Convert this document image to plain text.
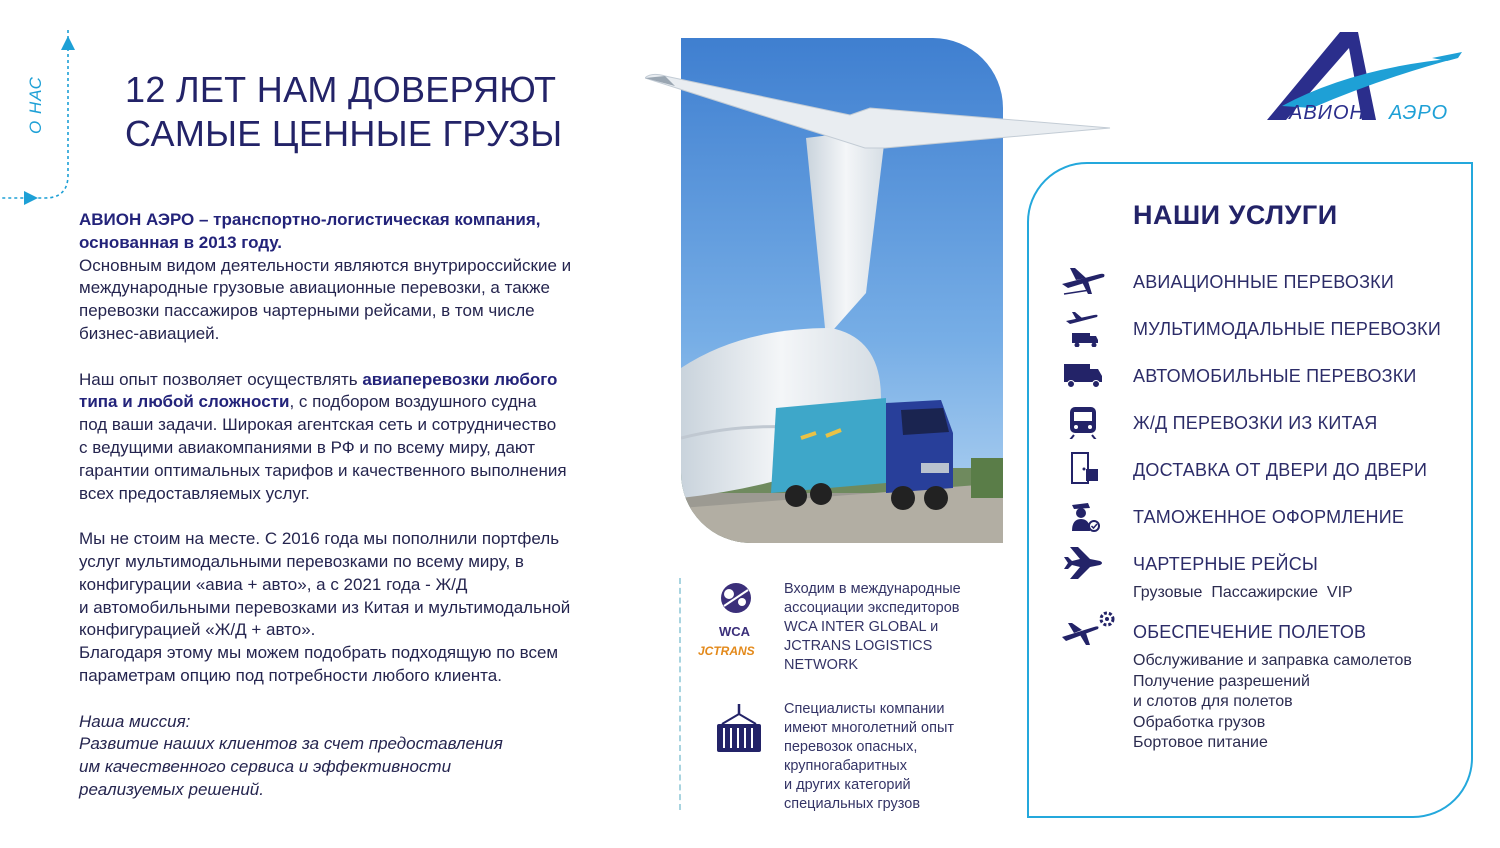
О НАС	12 ЛЕТ НАМ ДОВЕРЯЮТ
САМЫЕ ЦЕННЫЕ ГРУЗЫ

АВИОН АЭРО – транспортно-логистическая компания,

основанная в 2013 году.

Основным видом деятельности являются внутрироссийские и

международные грузовые авиационные перевозки, а также

перевозки пассажиров чартерными рейсами, в том числе

бизнес-авиацией.

Наш опыт позволяет осуществлять авиаперевозки любого

типа и любой сложности, с подбором воздушного судна

под ваши задачи. Широкая агентская сеть и сотрудничество

с ведущими авиакомпаниями в РФ и по всему миру, дают

гарантии оптимальных тарифов и качественного выполнения

всех предоставляемых услуг.

Мы не стоим на месте. С 2016 года мы пополнили портфель

услуг мультимодальными перевозками по всему миру, в

конфигурации «авиа + авто», а с 2021 года - Ж/Д

и автомобильными перевозками из Китая и мультимодальной

конфигурацией «Ж/Д + авто».

Благодаря этому мы можем подобрать подходящую по всем

параметрам опцию под потребности любого клиента.

Наша миссия:

Развитие наших клиентов за счет предоставления

им качественного сервиса и эффективности

реализуемых решений.

WCA
JCTRANS
Входим в международные
ассоциации экспедиторов
WCA INTER GLOBAL и
JCTRANS LOGISTICS
NETWORK
Специалисты компании
имеют многолетний опыт
перевозок опасных,
крупногабаритных
и других категорий
специальных грузов
АВИОН АЭРО
НАШИ УСЛУГИ
АВИАЦИОННЫЕ ПЕРЕВОЗКИ
МУЛЬТИМОДАЛЬНЫЕ ПЕРЕВОЗКИ
АВТОМОБИЛЬНЫЕ ПЕРЕВОЗКИ
Ж/Д ПЕРЕВОЗКИ ИЗ КИТАЯ
ДОСТАВКА ОТ ДВЕРИ ДО ДВЕРИ
ТАМОЖЕННОЕ ОФОРМЛЕНИЕ
ЧАРТЕРНЫЕ РЕЙСЫ
Грузовые  Пассажирские  VIP
ОБЕСПЕЧЕНИЕ ПОЛЕТОВ
Обслуживание и заправка самолетов
Получение разрешений
и слотов для полетов
Обработка грузов
Бортовое питание
